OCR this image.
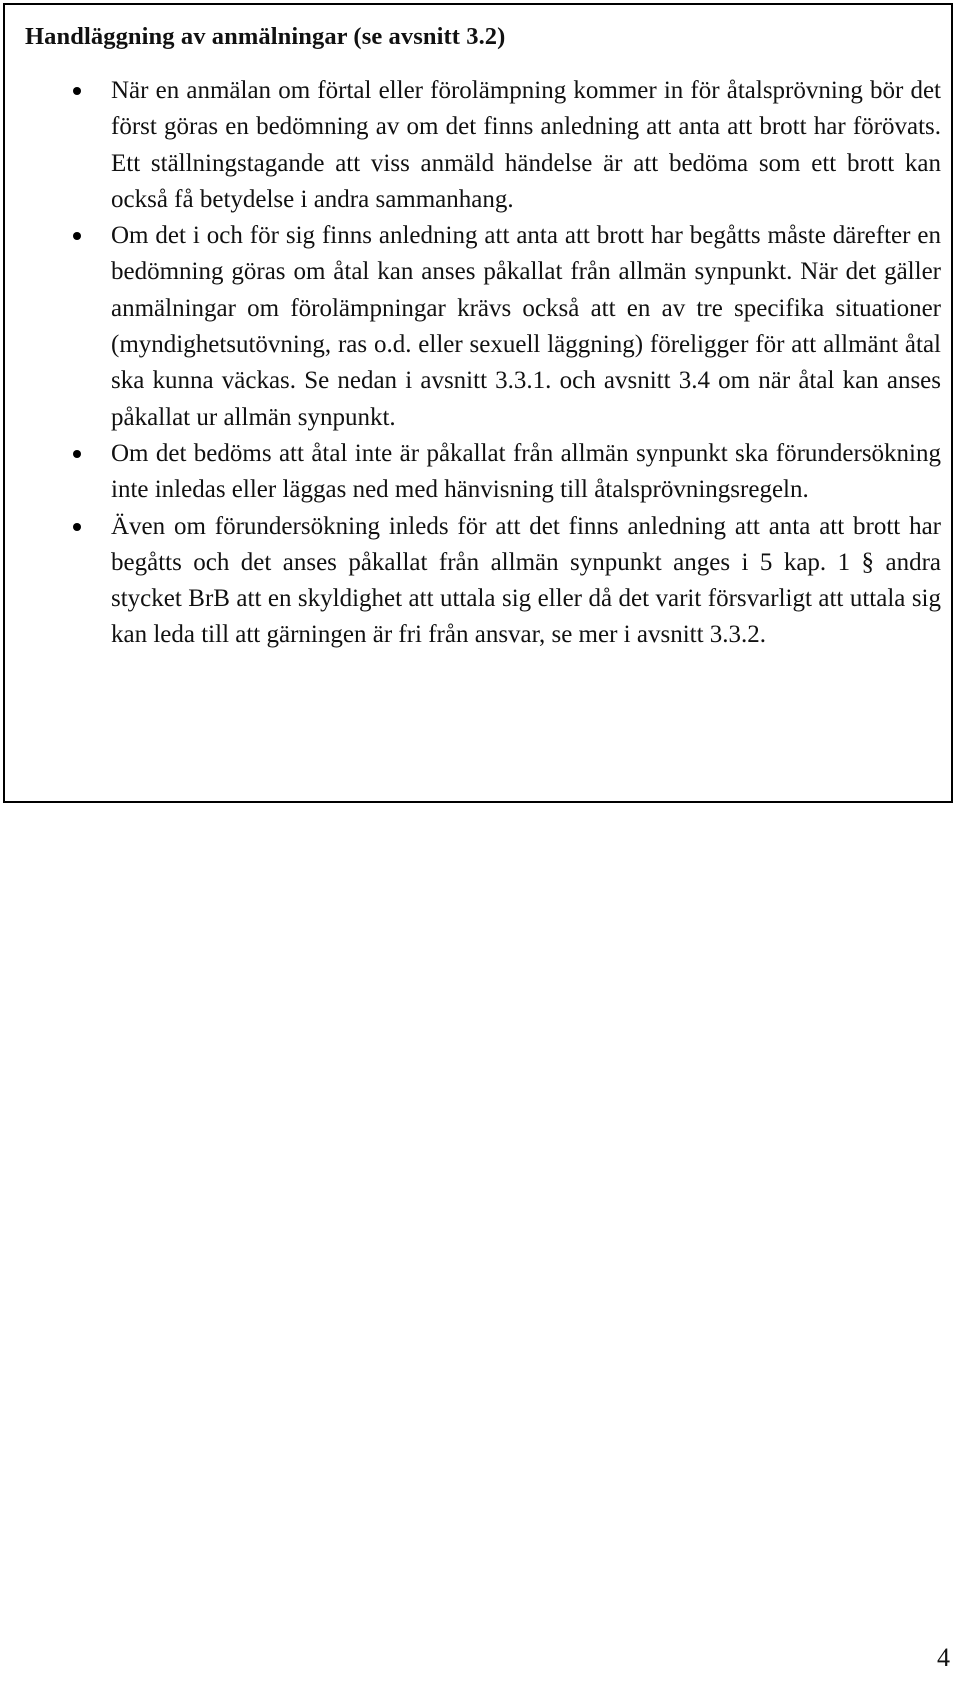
Handläggning av anmälningar (se avsnitt 3.2)
När en anmälan om förtal eller förolämpning kommer in för åtalsprövning bör det först göras en bedömning av om det finns anledning att anta att brott har förövats. Ett ställningstagande att viss anmäld händelse är att bedöma som ett brott kan också få betydelse i andra sammanhang.
Om det i och för sig finns anledning att anta att brott har begåtts måste därefter en bedömning göras om åtal kan anses påkallat från allmän synpunkt. När det gäller anmälningar om förolämpningar krävs också att en av tre specifika situationer (myndighetsutövning, ras o.d. eller sexuell läggning) föreligger för att allmänt åtal ska kunna väckas. Se nedan i avsnitt 3.3.1. och avsnitt 3.4 om när åtal kan anses påkallat ur allmän synpunkt.
Om det bedöms att åtal inte är påkallat från allmän synpunkt ska förundersökning inte inledas eller läggas ned med hänvisning till åtalsprövningsregeln.
Även om förundersökning inleds för att det finns anledning att anta att brott har begåtts och det anses påkallat från allmän synpunkt anges i 5 kap. 1 § andra stycket BrB att en skyldighet att uttala sig eller då det varit försvarligt att uttala sig kan leda till att gärningen är fri från ansvar, se mer i avsnitt 3.3.2.
4
